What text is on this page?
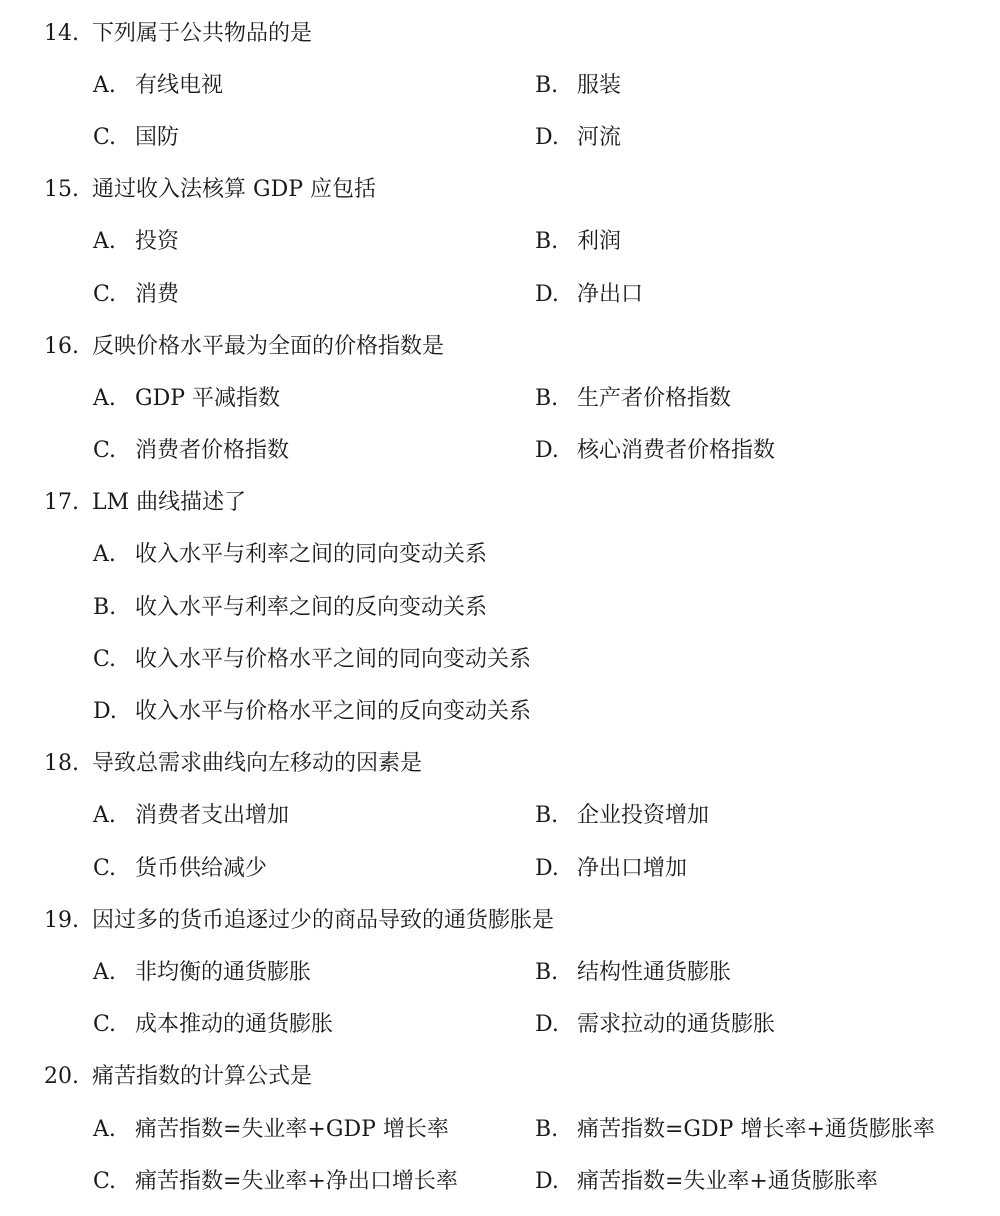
14. 下列属于公共物品的是
A. 有线电视	B. 服装
C. 国防	D. 河流
15. 通过收入法核算 GDP 应包括
A. 投资	B. 利润
C. 消费	D. 净出口
16. 反映价格水平最为全面的价格指数是
A. GDP 平减指数	B. 生产者价格指数
C. 消费者价格指数	D. 核心消费者价格指数
17. LM 曲线描述了
A. 收入水平与利率之间的同向变动关系
B. 收入水平与利率之间的反向变动关系
C. 收入水平与价格水平之间的同向变动关系
D. 收入水平与价格水平之间的反向变动关系
18. 导致总需求曲线向左移动的因素是
A. 消费者支出增加	B. 企业投资增加
C. 货币供给减少	D. 净出口增加
19. 因过多的货币追逐过少的商品导致的通货膨胀是
A. 非均衡的通货膨胀	B. 结构性通货膨胀
C. 成本推动的通货膨胀	D. 需求拉动的通货膨胀
20. 痛苦指数的计算公式是
A. 痛苦指数=失业率+GDP 增长率	B. 痛苦指数=GDP 增长率+通货膨胀率
C. 痛苦指数=失业率+净出口增长率	D. 痛苦指数=失业率+通货膨胀率
